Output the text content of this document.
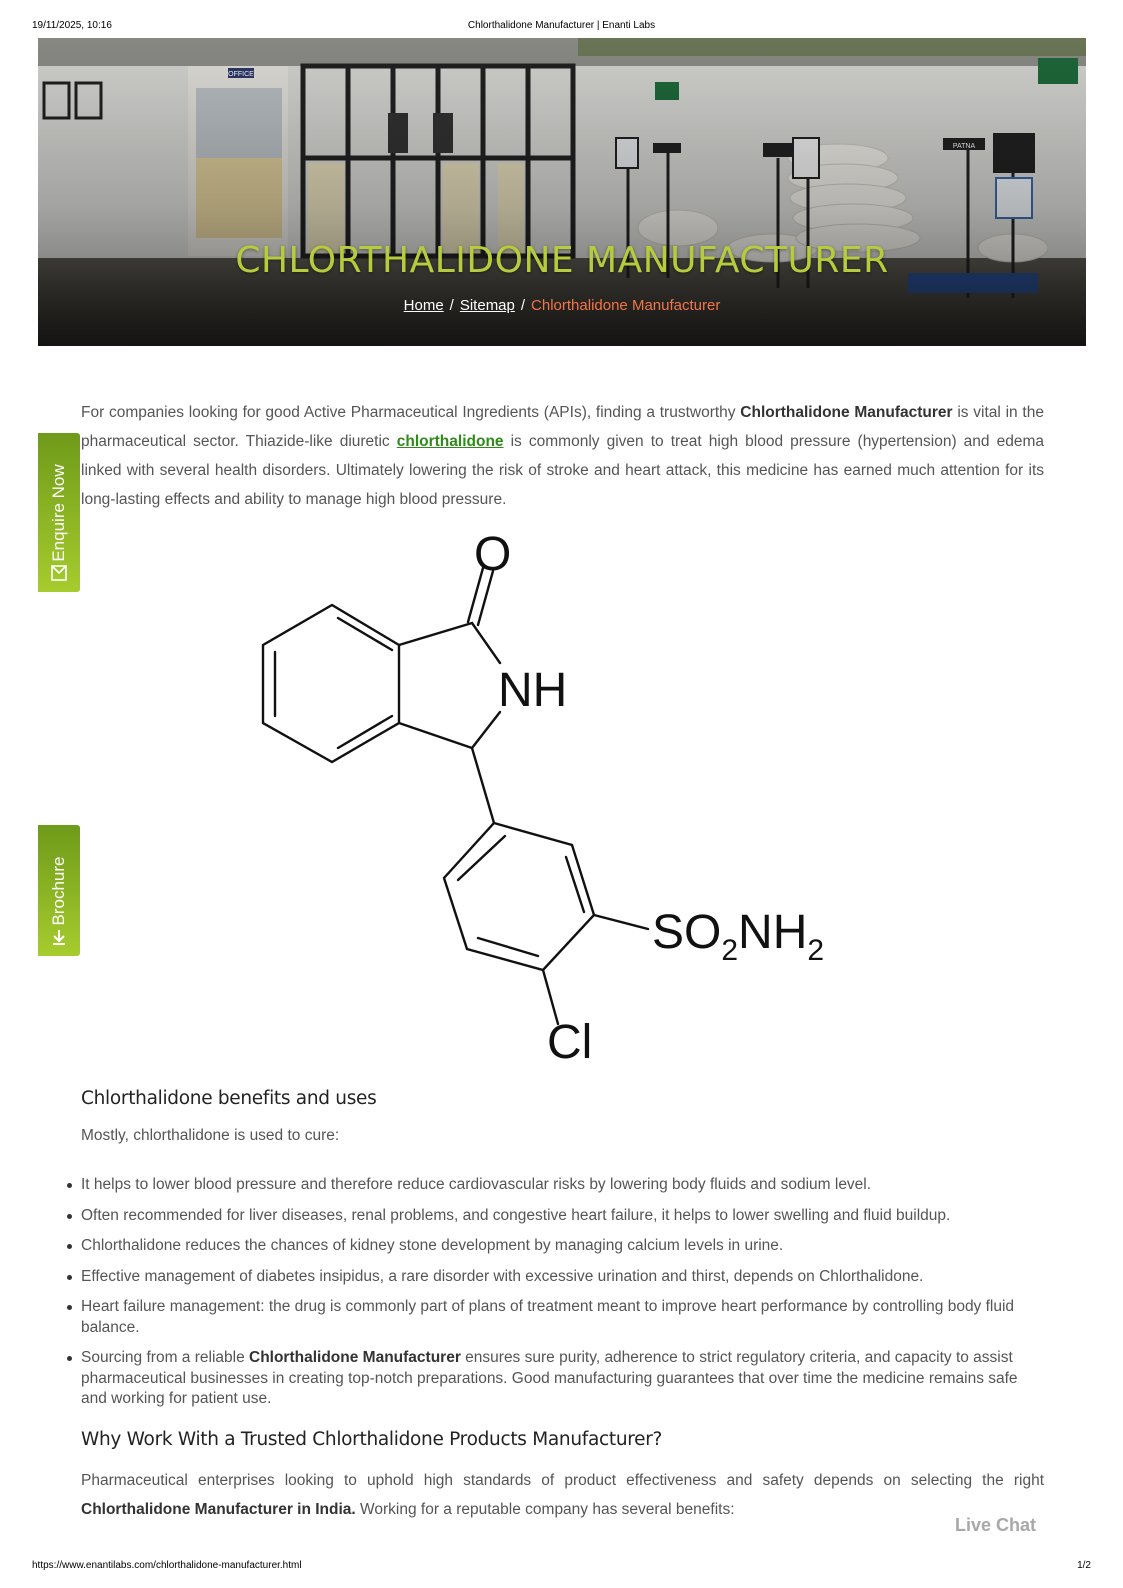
19/11/2025, 10:16	Chlorthalidone Manufacturer | Enanti Labs
CHLORTHALIDONE MANUFACTURER
Home / Sitemap / Chlorthalidone Manufacturer

For companies looking for good Active Pharmaceutical Ingredients (APIs), finding a trustworthy Chlorthalidone Manufacturer is vital in the pharmaceutical sector. Thiazide-like diuretic chlorthalidone is commonly given to treat high blood pressure (hypertension) and edema linked with several health disorders. Ultimately lowering the risk of stroke and heart attack, this medicine has earned much attention for its long-lasting effects and ability to manage high blood pressure.

O
NH
$SO_2NH_2$
Cl
Enquire Now
Brochure
Chlorthalidone benefits and uses

Mostly, chlorthalidone is used to cure:

It helps to lower blood pressure and therefore reduce cardiovascular risks by lowering body fluids and sodium level.
Often recommended for liver diseases, renal problems, and congestive heart failure, it helps to lower swelling and fluid buildup.
Chlorthalidone reduces the chances of kidney stone development by managing calcium levels in urine.
Effective management of diabetes insipidus, a rare disorder with excessive urination and thirst, depends on Chlorthalidone.
Heart failure management: the drug is commonly part of plans of treatment meant to improve heart performance by controlling body fluid balance.
Sourcing from a reliable Chlorthalidone Manufacturer ensures sure purity, adherence to strict regulatory criteria, and capacity to assist pharmaceutical businesses in creating top-notch preparations. Good manufacturing guarantees that over time the medicine remains safe and working for patient use.
Why Work With a Trusted Chlorthalidone Products Manufacturer?

Pharmaceutical enterprises looking to uphold high standards of product effectiveness and safety depends on selecting the right Chlorthalidone Manufacturer in India. Working for a reputable company has several benefits:

Live Chat
https://www.enantilabs.com/chlorthalidone-manufacturer.html	1/2
